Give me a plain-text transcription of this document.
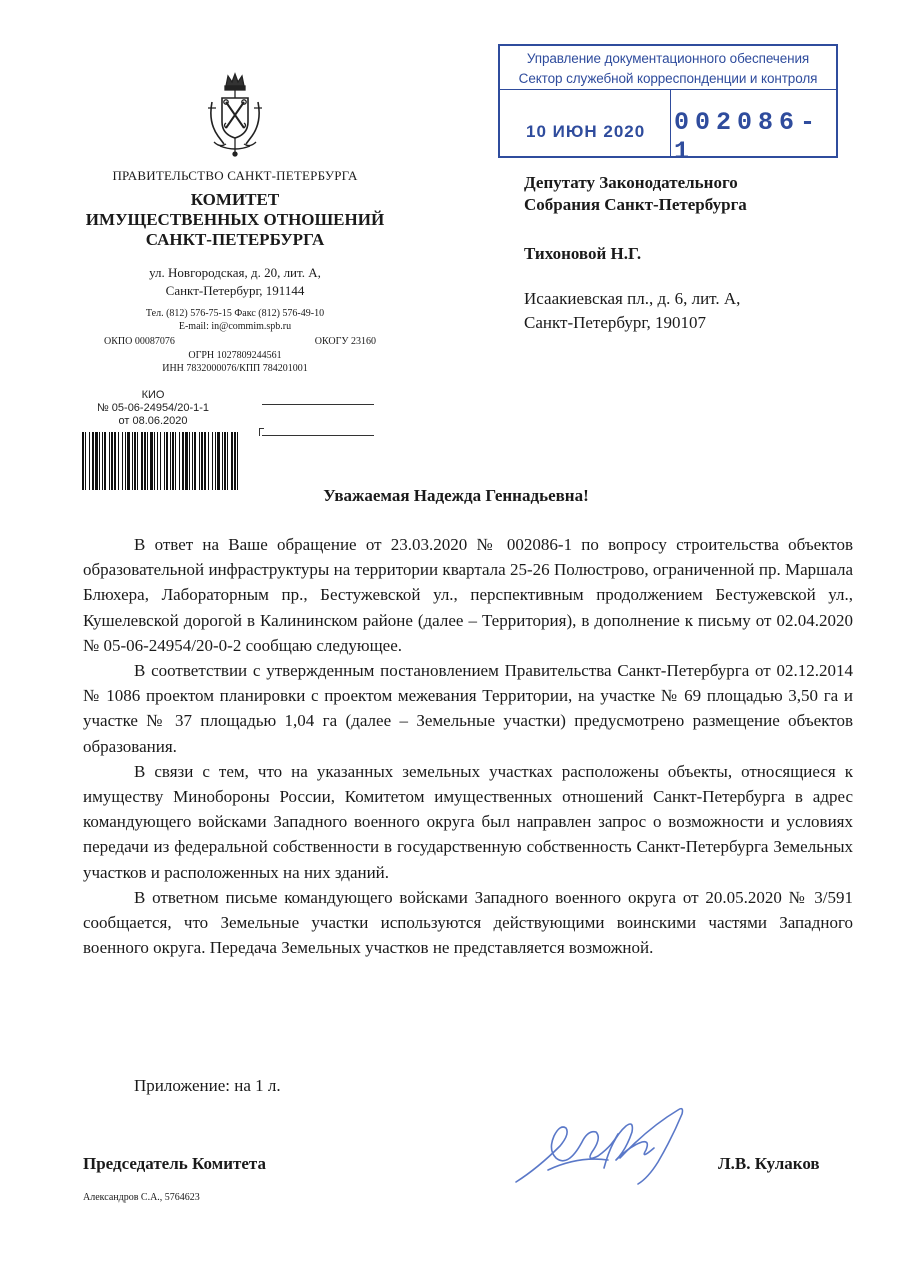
ПРАВИТЕЛЬСТВО САНКТ-ПЕТЕРБУРГА
КОМИТЕТ
ИМУЩЕСТВЕННЫХ ОТНОШЕНИЙ
САНКТ-ПЕТЕРБУРГА
ул. Новгородская, д. 20, лит. А,
Санкт-Петербург, 191144
Тел. (812) 576-75-15 Факс (812) 576-49-10
E-mail: in@commim.spb.ru
ОКПО 00087076	ОКОГУ 23160
ОГРН 1027809244561
ИНН 7832000076/КПП 784201001
КИО
№ 05-06-24954/20-1-1
от 08.06.2020
Управление документационного обеспечения
Сектор служебной корреспонденции и контроля
10 ИЮН 2020 002086-1
Депутату Законодательного
Собрания Санкт-Петербурга
Тихоновой Н.Г.
Исаакиевская пл., д. 6, лит. А,
Санкт-Петербург, 190107
Уважаемая Надежда Геннадьевна!

В ответ на Ваше обращение от 23.03.2020 № 002086-1 по вопросу строительства объектов образовательной инфраструктуры на территории квартала 25-26 Полюстрово, ограниченной пр. Маршала Блюхера, Лабораторным пр., Бестужевской ул., перспективным продолжением Бестужевской ул., Кушелевской дорогой в Калининском районе (далее – Территория), в дополнение к письму от 02.04.2020 № 05-06-24954/20-0-2 сообщаю следующее.

В соответствии с утвержденным постановлением Правительства Санкт-Петербурга от 02.12.2014 № 1086 проектом планировки с проектом межевания Территории, на участке № 69 площадью 3,50 га и участке № 37 площадью 1,04 га (далее – Земельные участки) предусмотрено размещение объектов образования.

В связи с тем, что на указанных земельных участках расположены объекты, относящиеся к имуществу Минобороны России, Комитетом имущественных отношений Санкт-Петербурга в адрес командующего войсками Западного военного округа был направлен запрос о возможности и условиях передачи из федеральной собственности в государственную собственность Санкт-Петербурга Земельных участков и расположенных на них зданий.

В ответном письме командующего войсками Западного военного округа от 20.05.2020 № 3/591 сообщается, что Земельные участки используются действующими воинскими частями Западного военного округа. Передача Земельных участков не представляется возможной.

Приложение: на 1 л.
Председатель Комитета	Л.В. Кулаков
Александров С.А., 5764623
